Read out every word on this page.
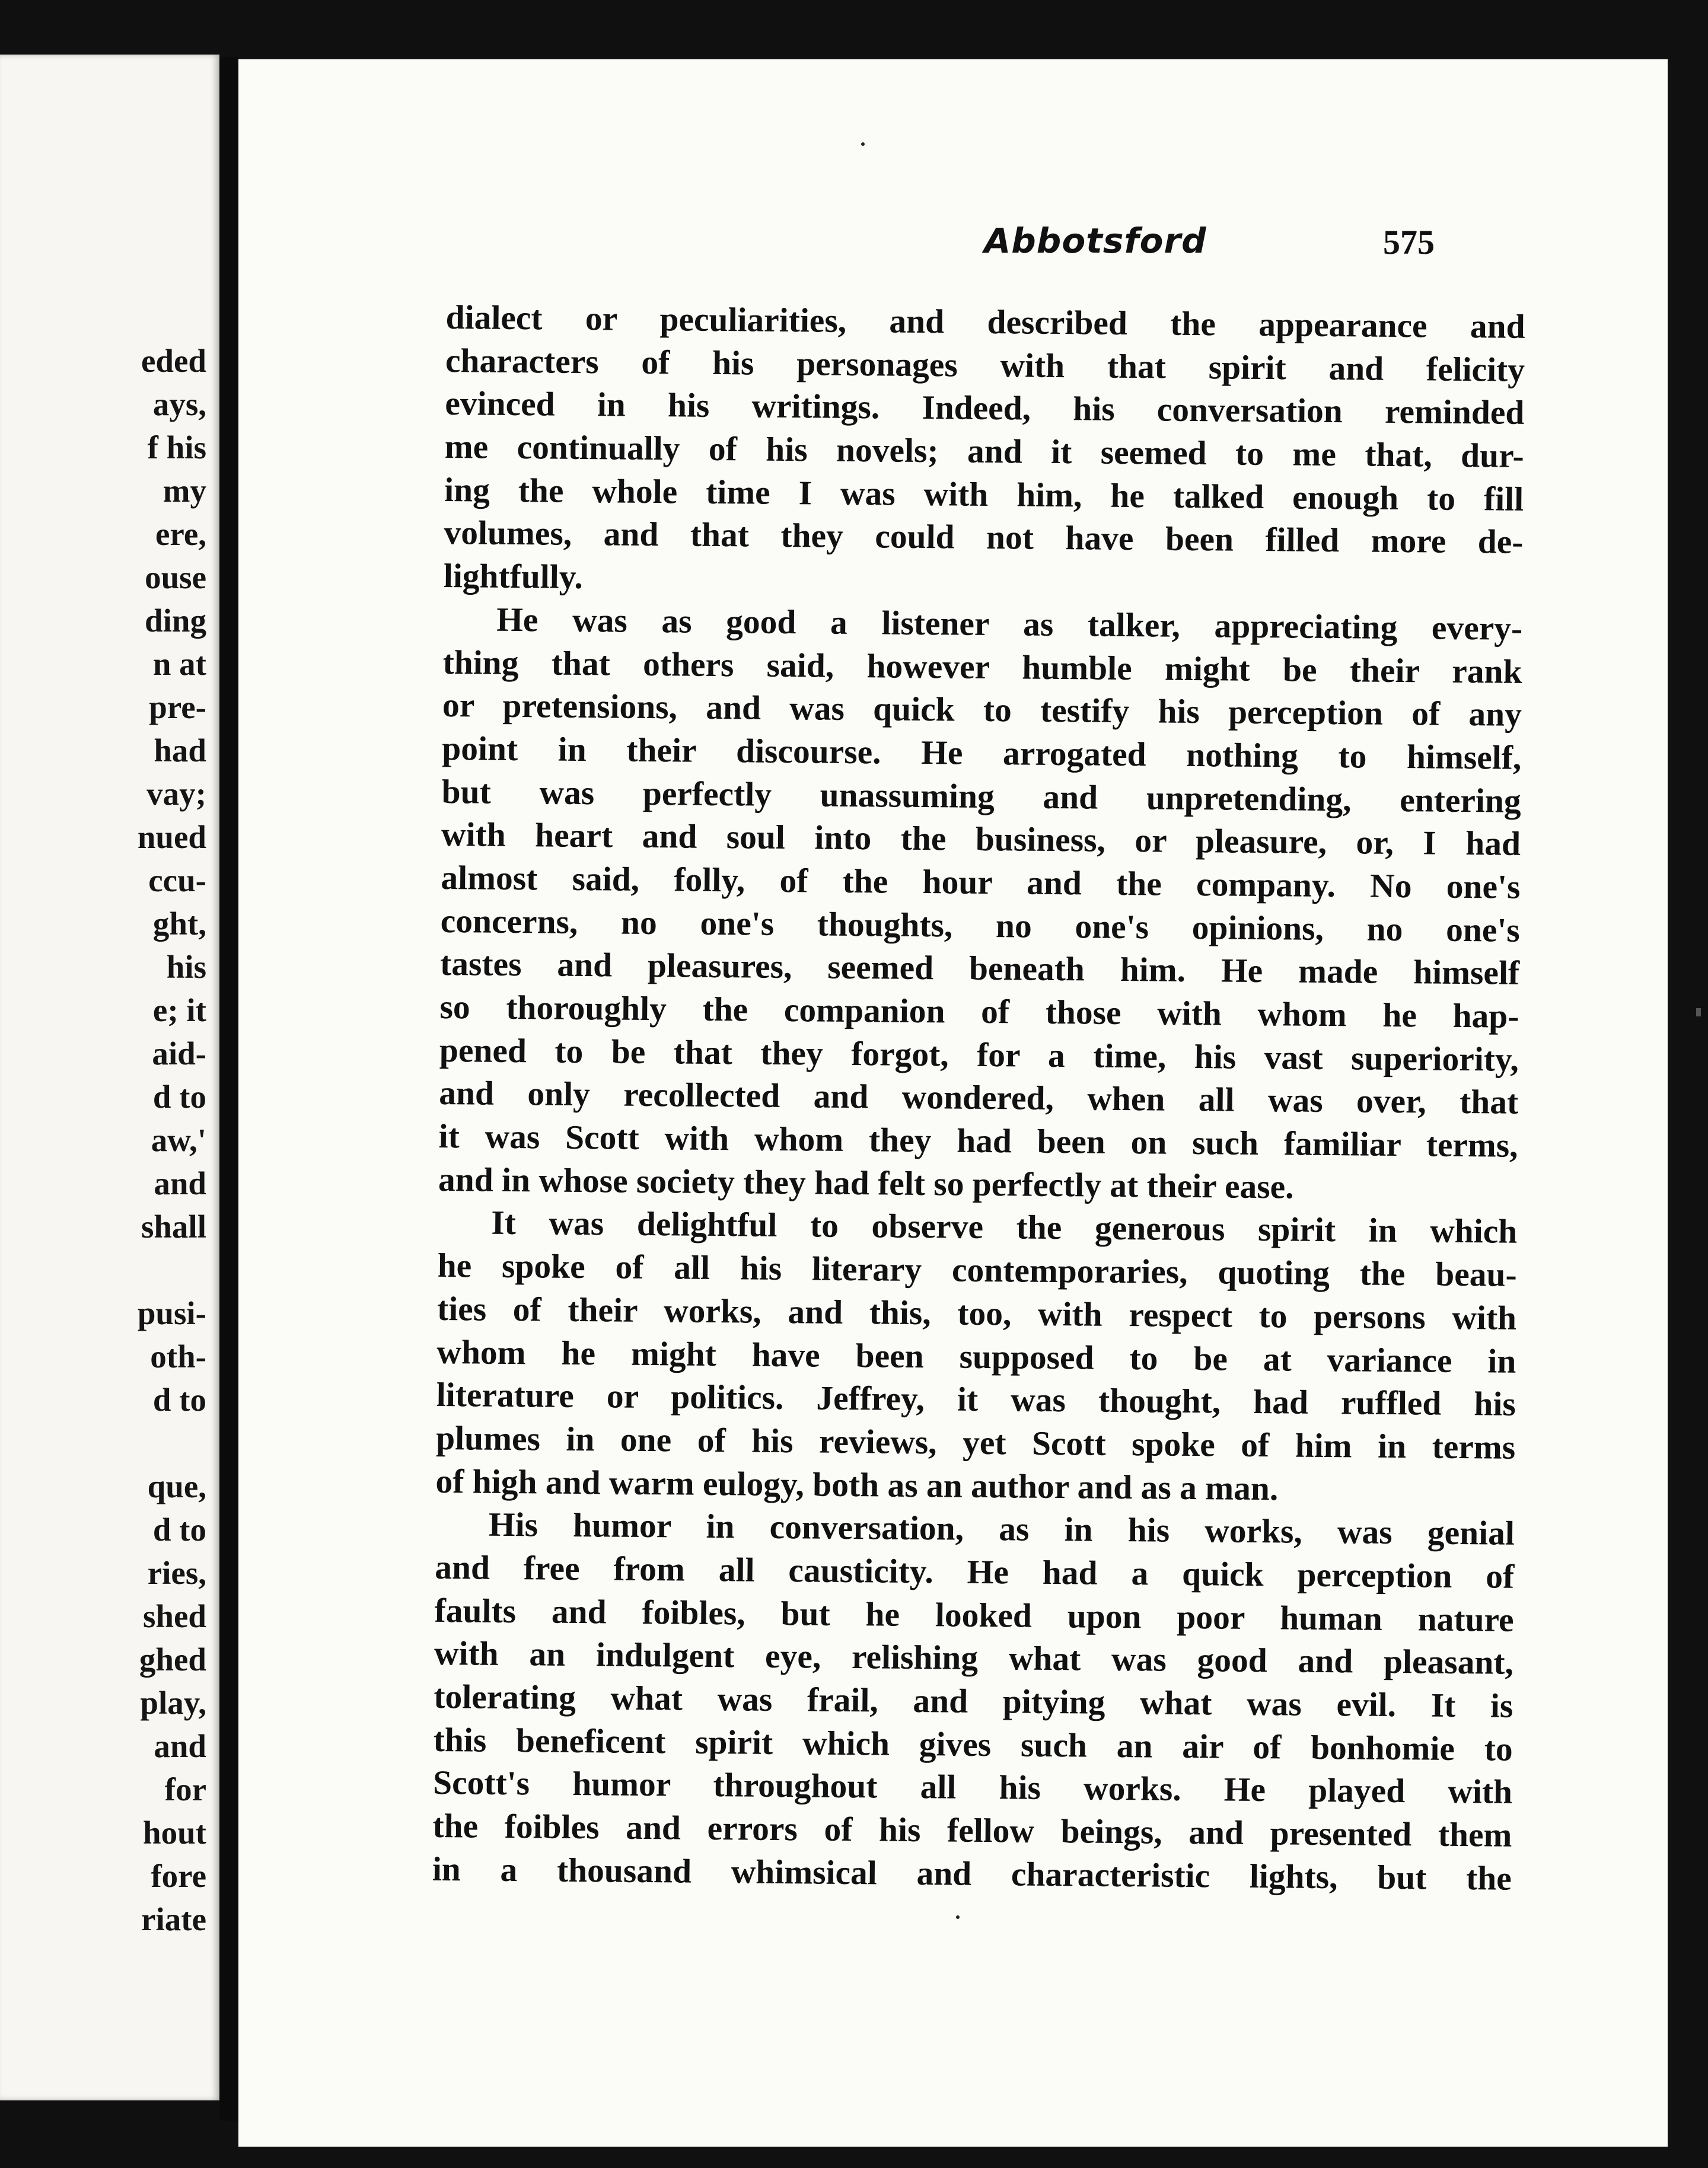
eded
ays,
f his
my
ere,
ouse
ding
n at
pre-
had
vay;
nued
ccu-
ght,
his
e; it
aid-
d to
aw,'
and
shall
pusi-
oth-
d to
que,
d to
ries,
shed
ghed
play,
and
for
hout
fore
riate
Abbotsford	575
dialect or peculiarities, and described the appearance and
characters of his personages with that spirit and felicity
evinced in his writings. Indeed, his conversation reminded
me continually of his novels; and it seemed to me that, dur-
ing the whole time I was with him, he talked enough to fill
volumes, and that they could not have been filled more de-
lightfully.
He was as good a listener as talker, appreciating every-
thing that others said, however humble might be their rank
or pretensions, and was quick to testify his perception of any
point in their discourse. He arrogated nothing to himself,
but was perfectly unassuming and unpretending, entering
with heart and soul into the business, or pleasure, or, I had
almost said, folly, of the hour and the company. No one's
concerns, no one's thoughts, no one's opinions, no one's
tastes and pleasures, seemed beneath him. He made himself
so thoroughly the companion of those with whom he hap-
pened to be that they forgot, for a time, his vast superiority,
and only recollected and wondered, when all was over, that
it was Scott with whom they had been on such familiar terms,
and in whose society they had felt so perfectly at their ease.
It was delightful to observe the generous spirit in which
he spoke of all his literary contemporaries, quoting the beau-
ties of their works, and this, too, with respect to persons with
whom he might have been supposed to be at variance in
literature or politics. Jeffrey, it was thought, had ruffled his
plumes in one of his reviews, yet Scott spoke of him in terms
of high and warm eulogy, both as an author and as a man.
His humor in conversation, as in his works, was genial
and free from all causticity. He had a quick perception of
faults and foibles, but he looked upon poor human nature
with an indulgent eye, relishing what was good and pleasant,
tolerating what was frail, and pitying what was evil. It is
this beneficent spirit which gives such an air of bonhomie to
Scott's humor throughout all his works. He played with
the foibles and errors of his fellow beings, and presented them
in a thousand whimsical and characteristic lights, but the
